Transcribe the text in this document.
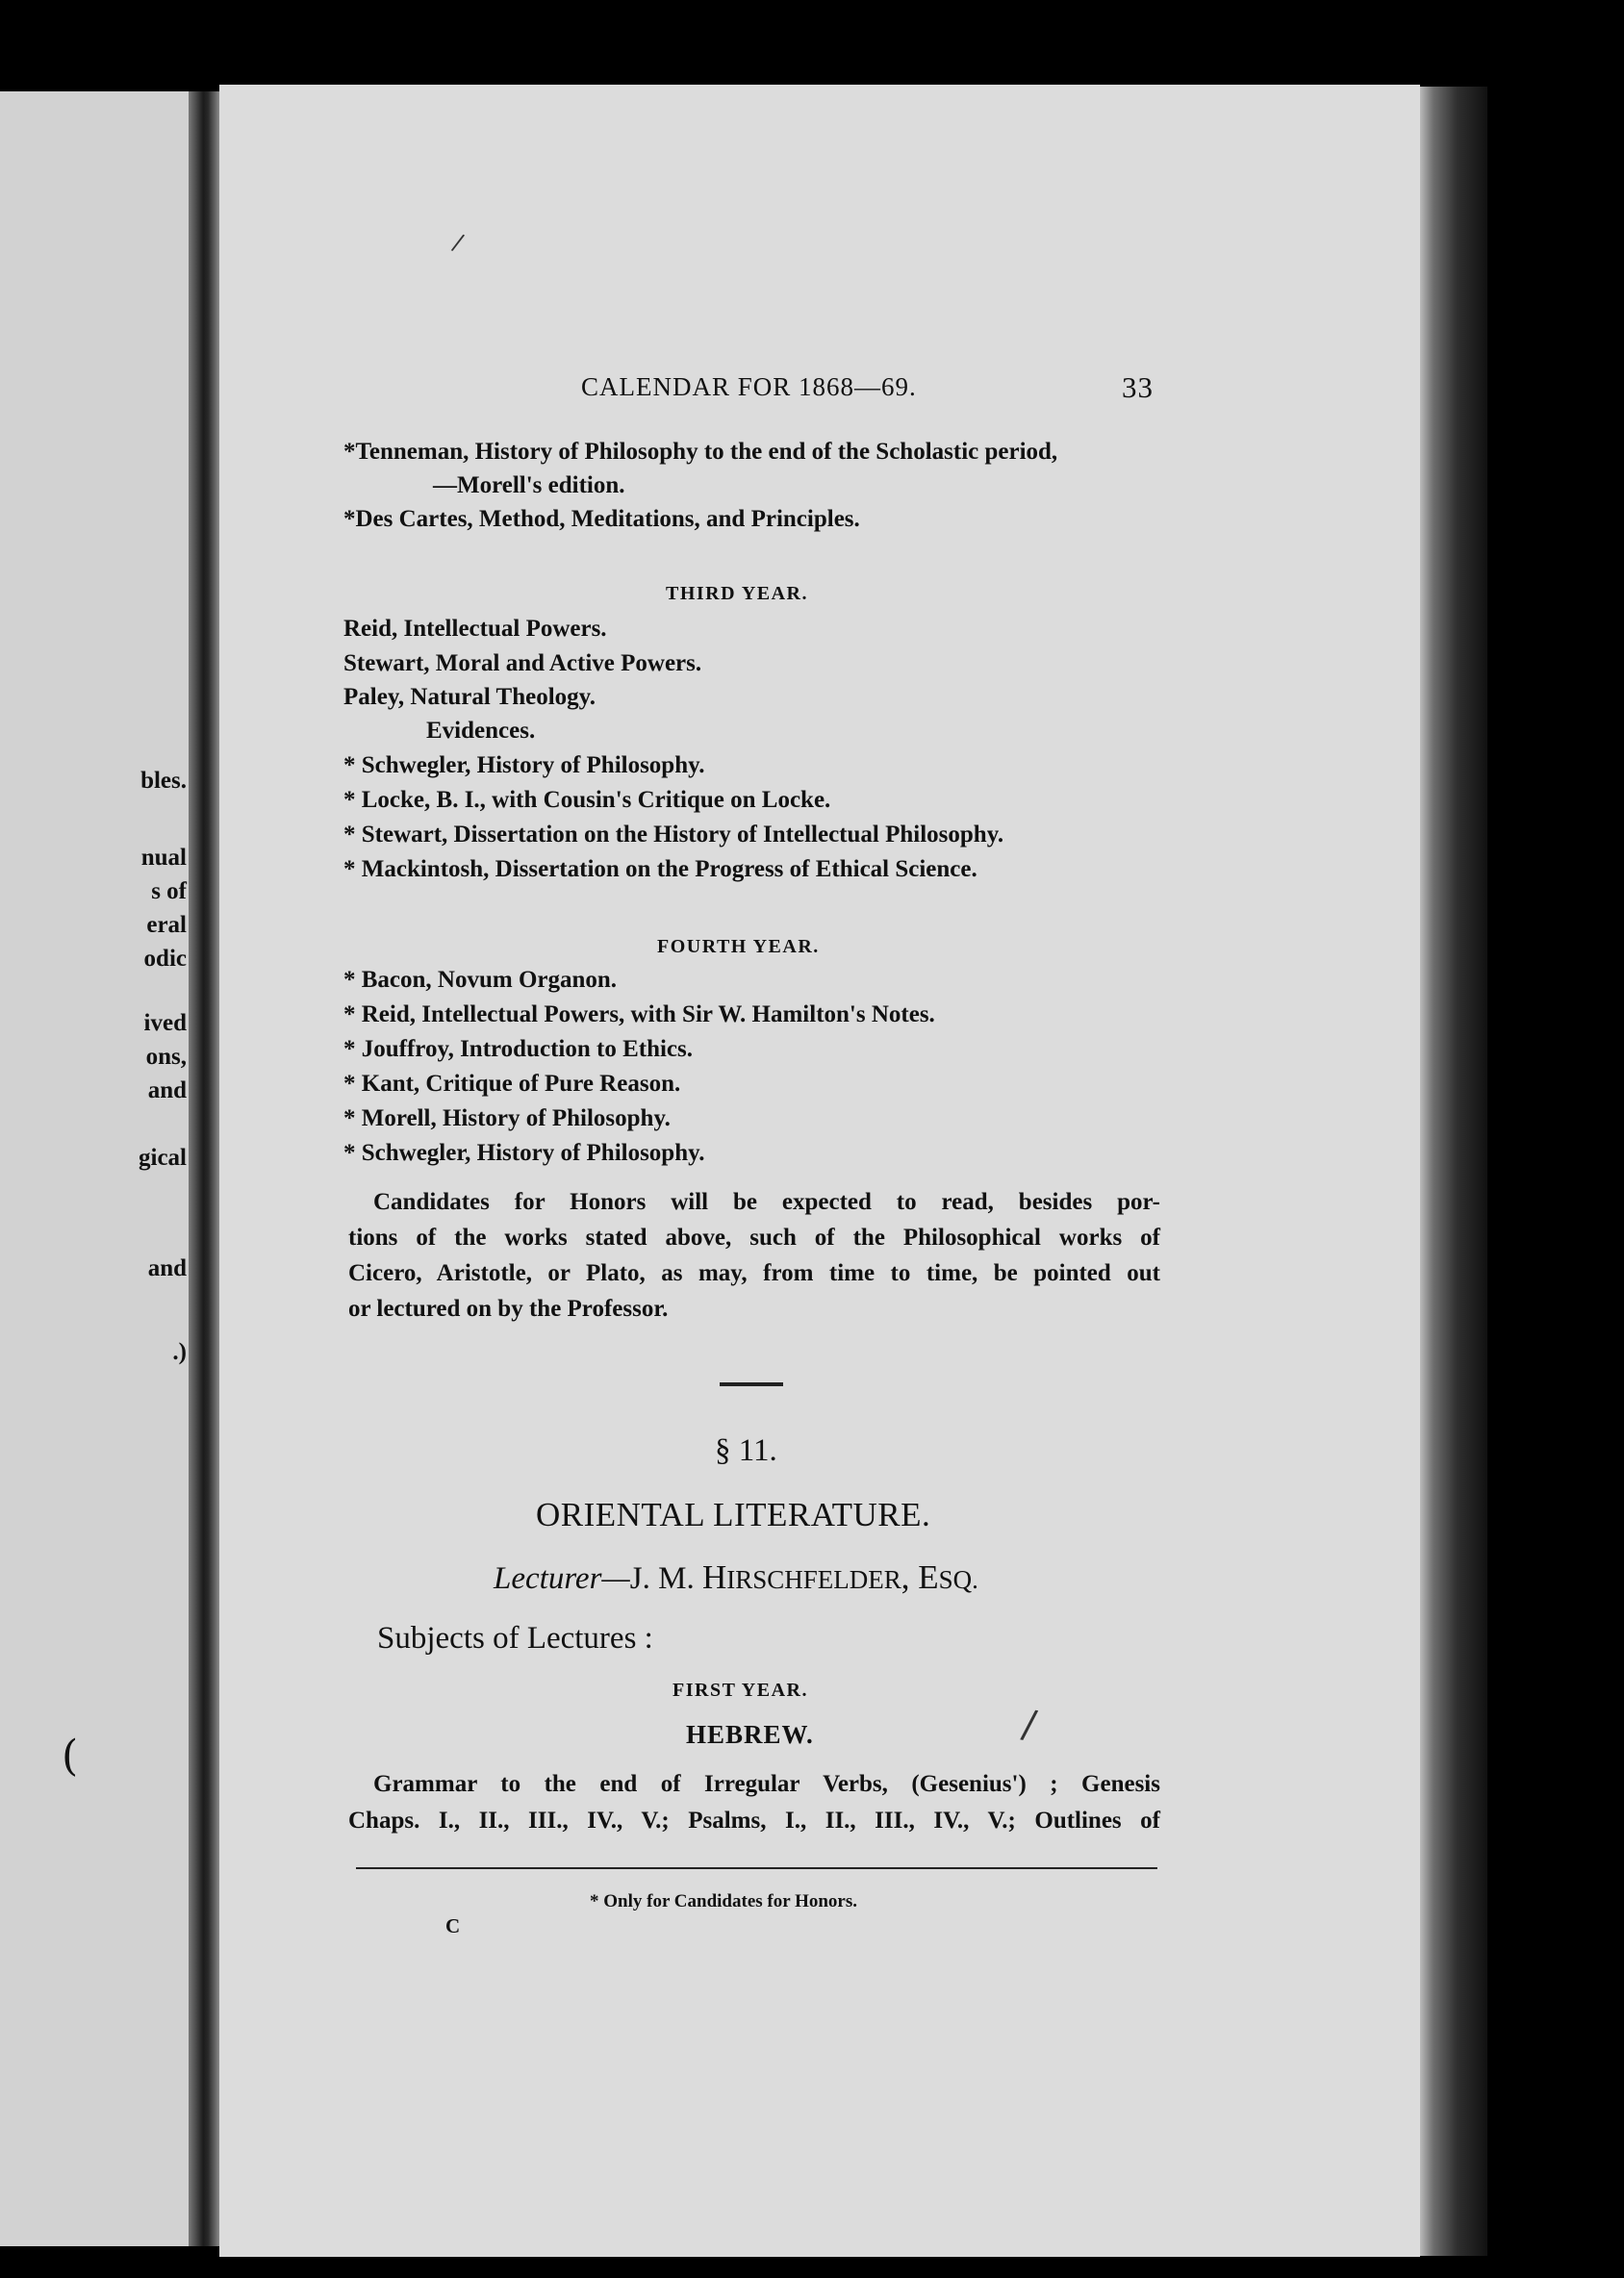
bles.
nual
s of
eral
odic
ived
ons,
and
gical
and
.)
CALENDAR FOR 1868—69.	33
*Tenneman, History of Philosophy to the end of the Scholastic period,
—Morell's edition.
*Des Cartes, Method, Meditations, and Principles.
THIRD YEAR.
Reid, Intellectual Powers.
Stewart, Moral and Active Powers.
Paley, Natural Theology.
Evidences.
* Schwegler, History of Philosophy.
* Locke, B. I., with Cousin's Critique on Locke.
* Stewart, Dissertation on the History of Intellectual Philosophy.
* Mackintosh, Dissertation on the Progress of Ethical Science.
FOURTH YEAR.
* Bacon, Novum Organon.
* Reid, Intellectual Powers, with Sir W. Hamilton's Notes.
* Jouffroy, Introduction to Ethics.
* Kant, Critique of Pure Reason.
* Morell, History of Philosophy.
* Schwegler, History of Philosophy.
Candidates for Honors will be expected to read, besides por-
tions of the works stated above, such of the Philosophical works of
Cicero, Aristotle, or Plato, as may, from time to time, be pointed out
or lectured on by the Professor.
§ 11.
ORIENTAL LITERATURE.
Lecturer—J. M. HIRSCHFELDER, ESQ.
Subjects of Lectures :
FIRST YEAR.
HEBREW.
Grammar to the end of Irregular Verbs, (Gesenius') ; Genesis
Chaps. I., II., III., IV., V.; Psalms, I., II., III., IV., V.; Outlines of
* Only for Candidates for Honors.
C
/
/
(
